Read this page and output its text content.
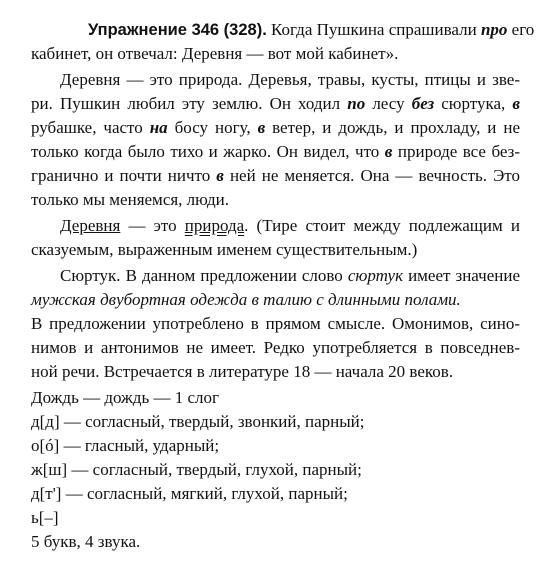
Упражнение 346 (328). Когда Пушкина спрашивали про его
кабинет, он отвечал: Деревня — вот мой кабинет».
Деревня — это природа. Деревья, травы, кусты, птицы и зве-
ри. Пушкин любил эту землю. Он ходил по лесу без сюртука, в
рубашке, часто на босу ногу, в ветер, и дождь, и прохладу, и не
только когда было тихо и жарко. Он видел, что в природе все без-
гранично и почти ничто в ней не меняется. Она — вечность. Это
только мы меняемся, люди.
Деревня — это природа. (Тире стоит между подлежащим и
сказуемым, выраженным именем существительным.)
Сюртук. В данном предложении слово сюртук имеет значение
мужская двубортная одежда в талию с длинными полами.
В предложении употреблено в прямом смысле. Омонимов, сино-
нимов и антонимов не имеет. Редко употребляется в повседнев-
ной речи. Встречается в литературе 18 — начала 20 веков.
Дождь — дождь — 1 слог
д[д] — согласный, твердый, звонкий, парный;
о[ó] — гласный, ударный;
ж[ш] — согласный, твердый, глухой, парный;
д[т'] — согласный, мягкий, глухой, парный;
ь[–]
5 букв, 4 звука.
